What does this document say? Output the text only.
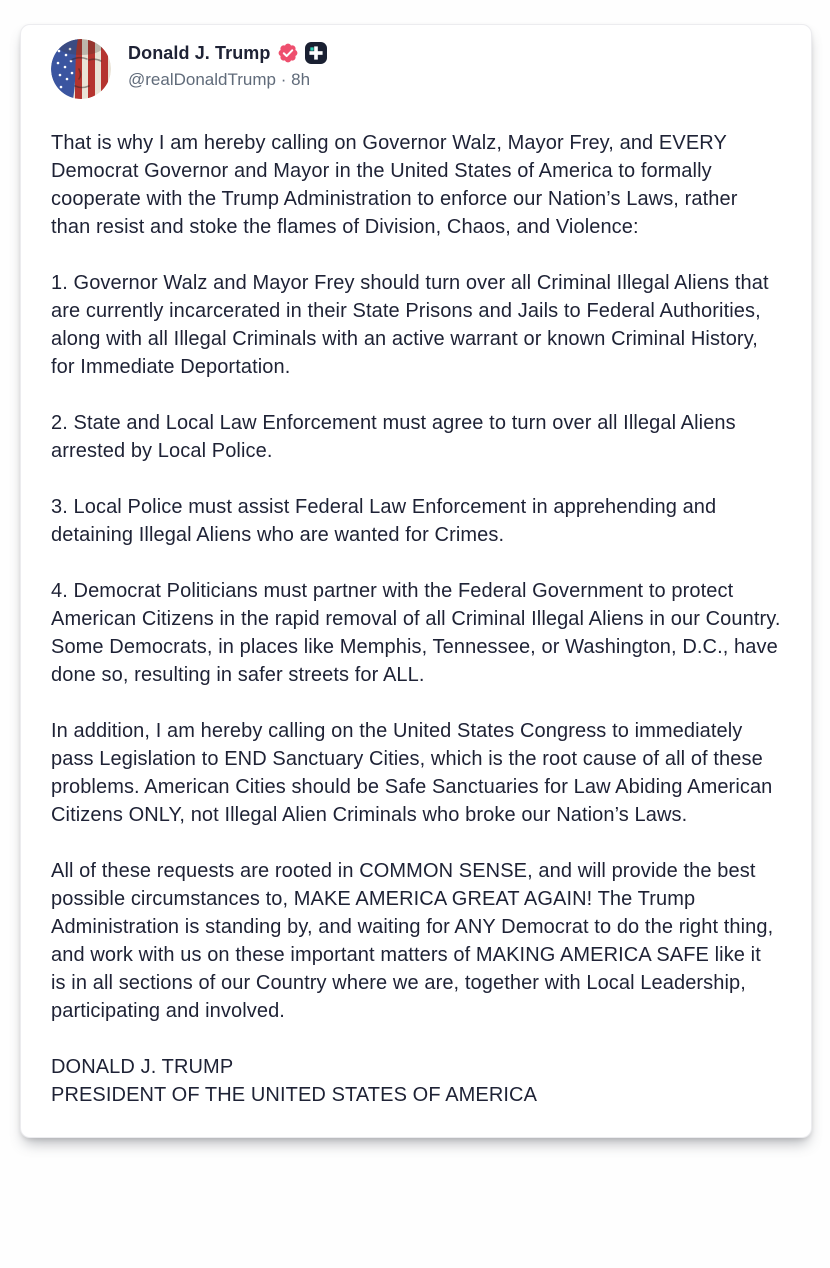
Donald J. Trump
@realDonaldTrump · 8h

That is why I am hereby calling on Governor Walz, Mayor Frey, and EVERY Democrat Governor and Mayor in the United States of America to formally cooperate with the Trump Administration to enforce our Nation’s Laws, rather than resist and stoke the flames of Division, Chaos, and Violence:

1. Governor Walz and Mayor Frey should turn over all Criminal Illegal Aliens that are currently incarcerated in their State Prisons and Jails to Federal Authorities, along with all Illegal Criminals with an active warrant or known Criminal History, for Immediate Deportation.

2. State and Local Law Enforcement must agree to turn over all Illegal Aliens arrested by Local Police.

3. Local Police must assist Federal Law Enforcement in apprehending and detaining Illegal Aliens who are wanted for Crimes.

4. Democrat Politicians must partner with the Federal Government to protect American Citizens in the rapid removal of all Criminal Illegal Aliens in our Country. Some Democrats, in places like Memphis, Tennessee, or Washington, D.C., have done so, resulting in safer streets for ALL.

In addition, I am hereby calling on the United States Congress to immediately pass Legislation to END Sanctuary Cities, which is the root cause of all of these problems. American Cities should be Safe Sanctuaries for Law Abiding American Citizens ONLY, not Illegal Alien Criminals who broke our Nation’s Laws.

All of these requests are rooted in COMMON SENSE, and will provide the best possible circumstances to, MAKE AMERICA GREAT AGAIN! The Trump Administration is standing by, and waiting for ANY Democrat to do the right thing, and work with us on these important matters of MAKING AMERICA SAFE like it is in all sections of our Country where we are, together with Local Leadership, participating and involved.

DONALD J. TRUMP
PRESIDENT OF THE UNITED STATES OF AMERICA
